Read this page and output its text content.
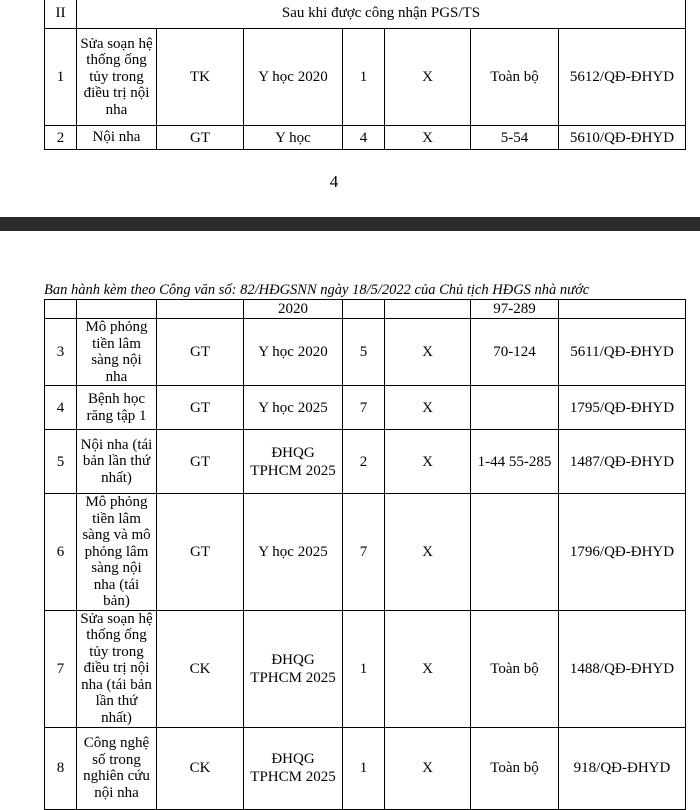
II	Sau khi được công nhận PGS/TS						
1	Sửa soạn hệ thống ống tủy trong điều trị nội nha	TK	Y học 2020	1	X	Toàn bộ	5612/QĐ-ĐHYD
2	Nội nha	GT	Y học	4	X	5-54	5610/QĐ-ĐHYD
4
Ban hành kèm theo Công văn số: 82/HĐGSNN ngày 18/5/2022 của Chủ tịch HĐGS nhà nước
			2020			97-289	
3	Mô phỏng tiền lâm sàng nội nha	GT	Y học 2020	5	X	70-124	5611/QĐ-ĐHYD
4	Bệnh học răng tập 1	GT	Y học 2025	7	X		1795/QĐ-ĐHYD
5	Nội nha (tái bản lần thứ nhất)	GT	ĐHQG TPHCM 2025	2	X	1-44 55-285	1487/QĐ-ĐHYD
6	Mô phỏng tiền lâm sàng và mô phỏng lâm sàng nội nha (tái bản)	GT	Y học 2025	7	X		1796/QĐ-ĐHYD
7	Sửa soạn hệ thống ống tủy trong điều trị nội nha (tái bản lần thứ nhất)	CK	ĐHQG TPHCM 2025	1	X	Toàn bộ	1488/QĐ-ĐHYD
8	Công nghệ số trong nghiên cứu nội nha	CK	ĐHQG TPHCM 2025	1	X	Toàn bộ	918/QĐ-ĐHYD
